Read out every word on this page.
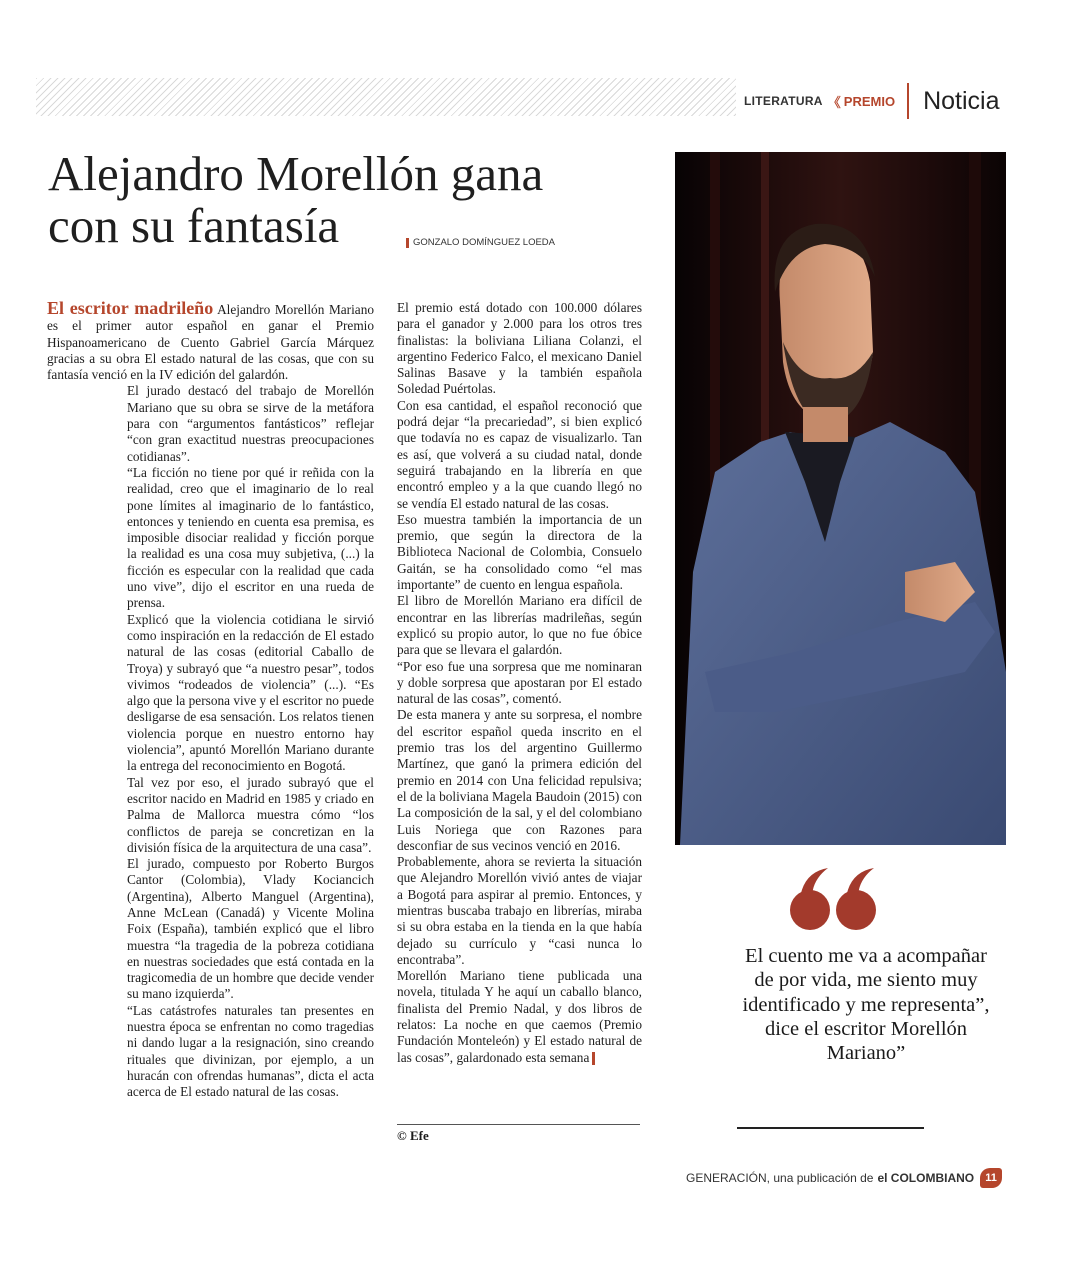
LITERATURA 《 PREMIO Noticia
Alejandro Morellón gana
con su fantasía	GONZALO DOMÍNGUEZ LOEDA

El escritor madrileño Alejandro Morellón Mariano es el primer autor español en ganar el Premio Hispanoamericano de Cuento Gabriel García Márquez gracias a su obra El estado natural de las cosas, que con su fantasía venció en la IV edición del galardón.

El jurado destacó del trabajo de Morellón Mariano que su obra se sirve de la metáfora para con “argumentos fantásticos” reflejar “con gran exactitud nuestras preocupaciones cotidianas”.

“La ficción no tiene por qué ir reñida con la realidad, creo que el imaginario de lo real pone límites al imaginario de lo fantástico, entonces y teniendo en cuenta esa premisa, es imposible disociar realidad y ficción porque la realidad es una cosa muy subjetiva, (...) la ficción es especular con la realidad que cada uno vive”, dijo el escritor en una rueda de prensa.

Explicó que la violencia cotidiana le sirvió como inspiración en la redacción de El estado natural de las cosas (editorial Caballo de Troya) y subrayó que “a nuestro pesar”, todos vivimos “rodeados de violencia” (...). “Es algo que la persona vive y el escritor no puede desligarse de esa sensación. Los relatos tienen violencia porque en nuestro entorno hay violencia”, apuntó Morellón Mariano durante la entrega del reconocimiento en Bogotá.

Tal vez por eso, el jurado subrayó que el escritor nacido en Madrid en 1985 y criado en Palma de Mallorca muestra cómo “los conflictos de pareja se concretizan en la división física de la arquitectura de una casa”.

El jurado, compuesto por Roberto Burgos Cantor (Colombia), Vlady Kociancich (Argentina), Alberto Manguel (Argentina), Anne McLean (Canadá) y Vicente Molina Foix (España), también explicó que el libro muestra “la tragedia de la pobreza cotidiana en nuestras sociedades que está contada en la tragicomedia de un hombre que decide vender su mano izquierda”.

“Las catástrofes naturales tan presentes en nuestra época se enfrentan no como tragedias ni dando lugar a la resignación, sino creando rituales que divinizan, por ejemplo, a un huracán con ofrendas humanas”, dicta el acta acerca de El estado natural de las cosas.

El premio está dotado con 100.000 dólares para el ganador y 2.000 para los otros tres finalistas: la boliviana Liliana Colanzi, el argentino Federico Falco, el mexicano Daniel Salinas Basave y la también española Soledad Puértolas.

Con esa cantidad, el español reconoció que podrá dejar “la precariedad”, si bien explicó que todavía no es capaz de visualizarlo. Tan es así, que volverá a su ciudad natal, donde seguirá trabajando en la librería en que encontró empleo y a la que cuando llegó no se vendía El estado natural de las cosas.

Eso muestra también la importancia de un premio, que según la directora de la Biblioteca Nacional de Colombia, Consuelo Gaitán, se ha consolidado como “el mas importante” de cuento en lengua española.

El libro de Morellón Mariano era difícil de encontrar en las librerías madrileñas, según explicó su propio autor, lo que no fue óbice para que se llevara el galardón.

“Por eso fue una sorpresa que me nominaran y doble sorpresa que apostaran por El estado natural de las cosas”, comentó.

De esta manera y ante su sorpresa, el nombre del escritor español queda inscrito en el premio tras los del argentino Guillermo Martínez, que ganó la primera edición del premio en 2014 con Una felicidad repulsiva; el de la boliviana Magela Baudoin (2015) con La composición de la sal, y el del colombiano Luis Noriega que con Razones para desconfiar de sus vecinos venció en 2016.

Probablemente, ahora se revierta la situación que Alejandro Morellón vivió antes de viajar a Bogotá para aspirar al premio. Entonces, y mientras buscaba trabajo en librerías, miraba si su obra estaba en la tienda en la que había dejado su currículo y “casi nunca lo encontraba”.

Morellón Mariano tiene publicada una novela, titulada Y he aquí un caballo blanco, finalista del Premio Nadal, y dos libros de relatos: La noche en que caemos (Premio Fundación Monteleón) y El estado natural de las cosas”, galardonado esta semana

© Efe
El cuento me va a acompañar de por vida, me siento muy identificado y me representa”, dice el escritor Morellón Mariano”
GENERACIÓN, una publicación de el COLOMBIANO	11
